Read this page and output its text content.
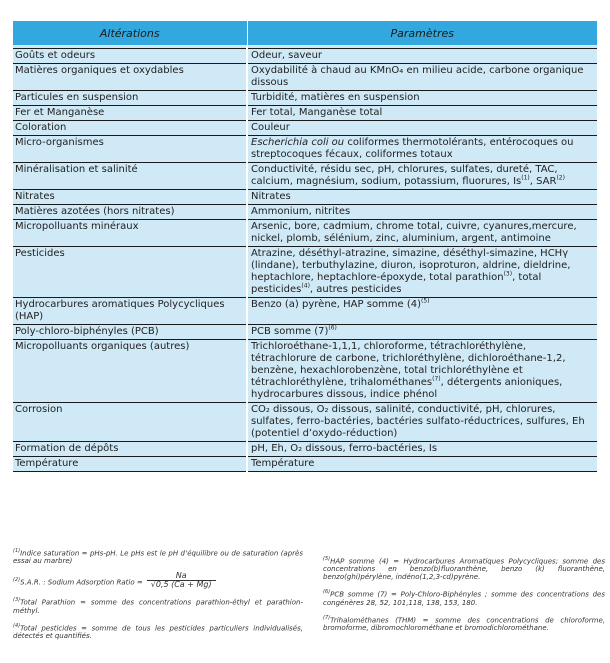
Altérations	Paramètres

Goûts et odeurs	Odeur, saveur
Matières organiques et oxydables	Oxydabilité à chaud au KMnO₄ en milieu acide, carbone organique dissous
Particules en suspension	Turbidité, matières en suspension
Fer et Manganèse	Fer total, Manganèse total
Coloration	Couleur
Micro-organismes	Escherichia coli ou coliformes thermotolérants, entérocoques ou streptocoques fécaux, coliformes totaux
Minéralisation et salinité	Conductivité, résidu sec, pH, chlorures, sulfates, dureté, TAC, calcium, magnésium, sodium, potassium, fluorures, Is$^{(1)}$, SAR$^{(2)}$
Nitrates	Nitrates
Matières azotées (hors nitrates)	Ammonium, nitrites
Micropolluants minéraux	Arsenic, bore, cadmium, chrome total, cuivre, cyanures,mercure, nickel, plomb, sélénium, zinc, aluminium, argent, antimoine
Pesticides	Atrazine, déséthyl-atrazine, simazine, déséthyl-simazine, HCHγ (lindane), terbuthylazine, diuron, isoproturon, aldrine, dieldrine, heptachlore, heptachlore-époxyde, total parathion$^{(3)}$, total pesticides$^{(4)}$, autres pesticides
Hydrocarbures aromatiques Polycycliques (HAP)	Benzo (a) pyrène, HAP somme $(4)^{(5)}$
Poly-chloro-biphényles (PCB)	PCB somme $(7)^{(6)}$
Micropolluants organiques (autres)	Trichloroéthane-1,1,1, chloroforme, tétrachloréthylène, tétrachlorure de carbone, trichloréthylène, dichloroéthane-1,2, benzène, hexachlorobenzène, total trichloréthylène et tétrachloréthylène, trihalométhanes$^{(7)}$, détergents anioniques, hydrocarbures dissous, indice phénol
Corrosion	CO₂ dissous, O₂ dissous, salinité, conductivité, pH, chlorures, sulfates, ferro-bactéries, bactéries sulfato-réductrices, sulfures, Eh (potentiel d’oxydo-réduction)
Formation de dépôts	pH, Eh, O₂ dissous, ferro-bactéries, Is
Température	Température

$^{(1)}$Indice saturation = pHs-pH. Le pHs est le pH d’équilibre ou de saturation (après essai au marbre)

$^{(2)}$S.A.R. : Sodium Adsorption Ratio = $\frac{Na}{√0,5 (Ca + Mg)}$

$^{(3)}$Total Parathion = somme des concentrations parathion-éthyl et parathion-méthyl.

$^{(4)}$Total pesticides = somme de tous les pesticides particuliers individualisés, détectés et quantifiés.

$^{(5)}$HAP somme (4) = Hydrocarbures Aromatiques Polycycliques; somme des concentrations en benzo(b)fluoranthène, benzo (k) fluoranthène, benzo(ghi)pérylène, indéno(1,2,3-cd)pyrène.

$^{(6)}$PCB somme (7) = Poly-Chloro-Biphényles ; somme des concentrations des congénères 28, 52, 101,118, 138, 153, 180.

$^{(7)}$Trihalométhanes (THM) = somme des concentrations de chloroforme, bromoforme, dibromochlorométhane et bromodichlorométhane.
